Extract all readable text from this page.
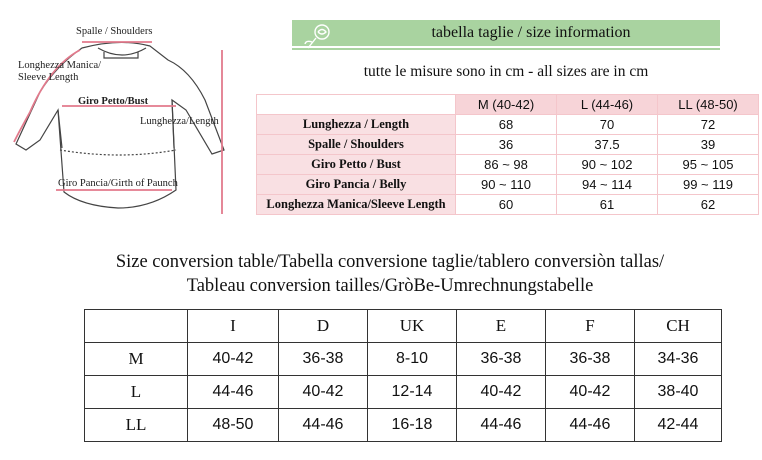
Spalle / Shoulders
Longhezza Manica/
Sleeve Length
Giro Petto/Bust
Lunghezza/Length
Giro Pancia/Girth of Paunch
tabella taglie / size information
tutte le misure sono in cm - all sizes are in cm
	M (40-42)	L (44-46)	LL (48-50)
Lunghezza / Length	68	70	72
Spalle / Shoulders	36	37.5	39
Giro Petto / Bust	86 ~ 98	90 ~ 102	95 ~ 105
Giro Pancia / Belly	90 ~ 110	94 ~ 114	99 ~ 119
Longhezza Manica/Sleeve Length	60	61	62
Size conversion table/Tabella conversione taglie/tablero conversiòn tallas/
Tableau conversion tailles/GròBe-Umrechnungstabelle
	I	D	UK	E	F	CH
M	40-42	36-38	8-10	36-38	36-38	34-36
L	44-46	40-42	12-14	40-42	40-42	38-40
LL	48-50	44-46	16-18	44-46	44-46	42-44
